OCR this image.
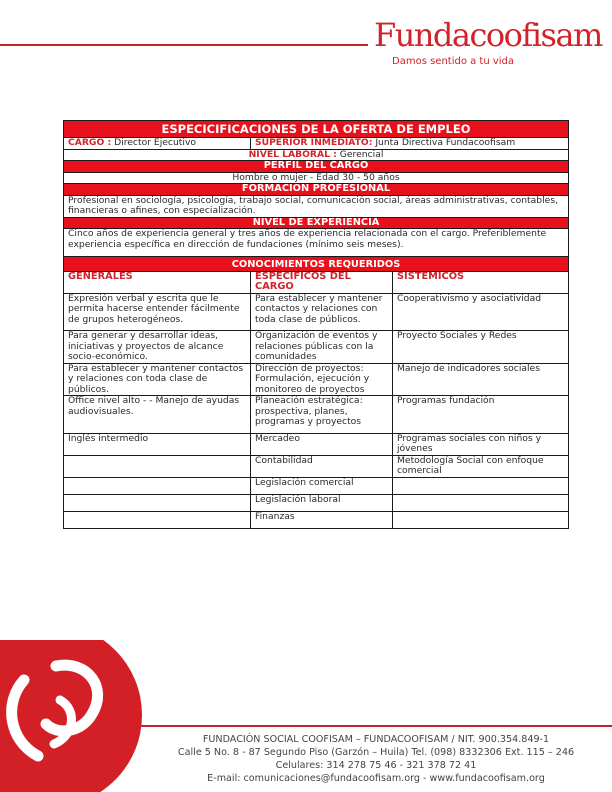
Fundacoofisam
Damos sentido a tu vida
ESPECICIFICACIONES DE LA OFERTA DE EMPLEO		
CARGO : Director Ejecutivo	SUPERIOR INMEDIATO: Junta Directiva Fundacoofisam	
NIVEL LABORAL : Gerencial		
PERFIL DEL CARGO		
Hombre o mujer - Edad 30 - 50 años		
FORMACION PROFESIONAL		
Profesional en sociología, psicología, trabajo social, comunicación social, áreas administrativas, contables, financieras o afines, con especialización.		
NIVEL DE EXPERIENCIA		
Cinco años de experiencia general y tres años de experiencia relacionada con el cargo. Preferiblemente experiencia específica en dirección de fundaciones (mínimo seis meses).		
CONOCIMIENTOS REQUERIDOS		
GENERALES	ESPECIFICOS DEL CARGO	SISTEMICOS
Expresión verbal y escrita que le permita hacerse entender fácilmente de grupos heterogéneos.	Para establecer y mantener contactos y relaciones con toda clase de públicos.	Cooperativismo y asociatividad
Para generar y desarrollar ideas, iniciativas y proyectos de alcance socio-económico.	Organización de eventos y relaciones públicas con la comunidades	Proyecto Sociales y Redes
Para establecer y mantener contactos y relaciones con toda clase de públicos.	Dirección de proyectos: Formulación, ejecución y monitoreo de proyectos	Manejo de indicadores sociales
Office nivel alto - - Manejo de ayudas audiovisuales.	Planeación estratégica: prospectiva, planes, programas y proyectos	Programas fundación
Inglés intermedio	Mercadeo	Programas sociales con niños y jóvenes
	Contabilidad	Metodología Social con enfoque comercial
	Legislación comercial	
	Legislación laboral	
	Finanzas	
FUNDACIÓN SOCIAL COOFISAM – FUNDACOOFISAM / NIT. 900.354.849-1
Calle 5 No. 8 - 87 Segundo Piso (Garzón – Huila) Tel. (098) 8332306 Ext. 115 – 246
Celulares: 314 278 75 46 - 321 378 72 41
E-mail: comunicaciones@fundacoofisam.org - www.fundacoofisam.org
